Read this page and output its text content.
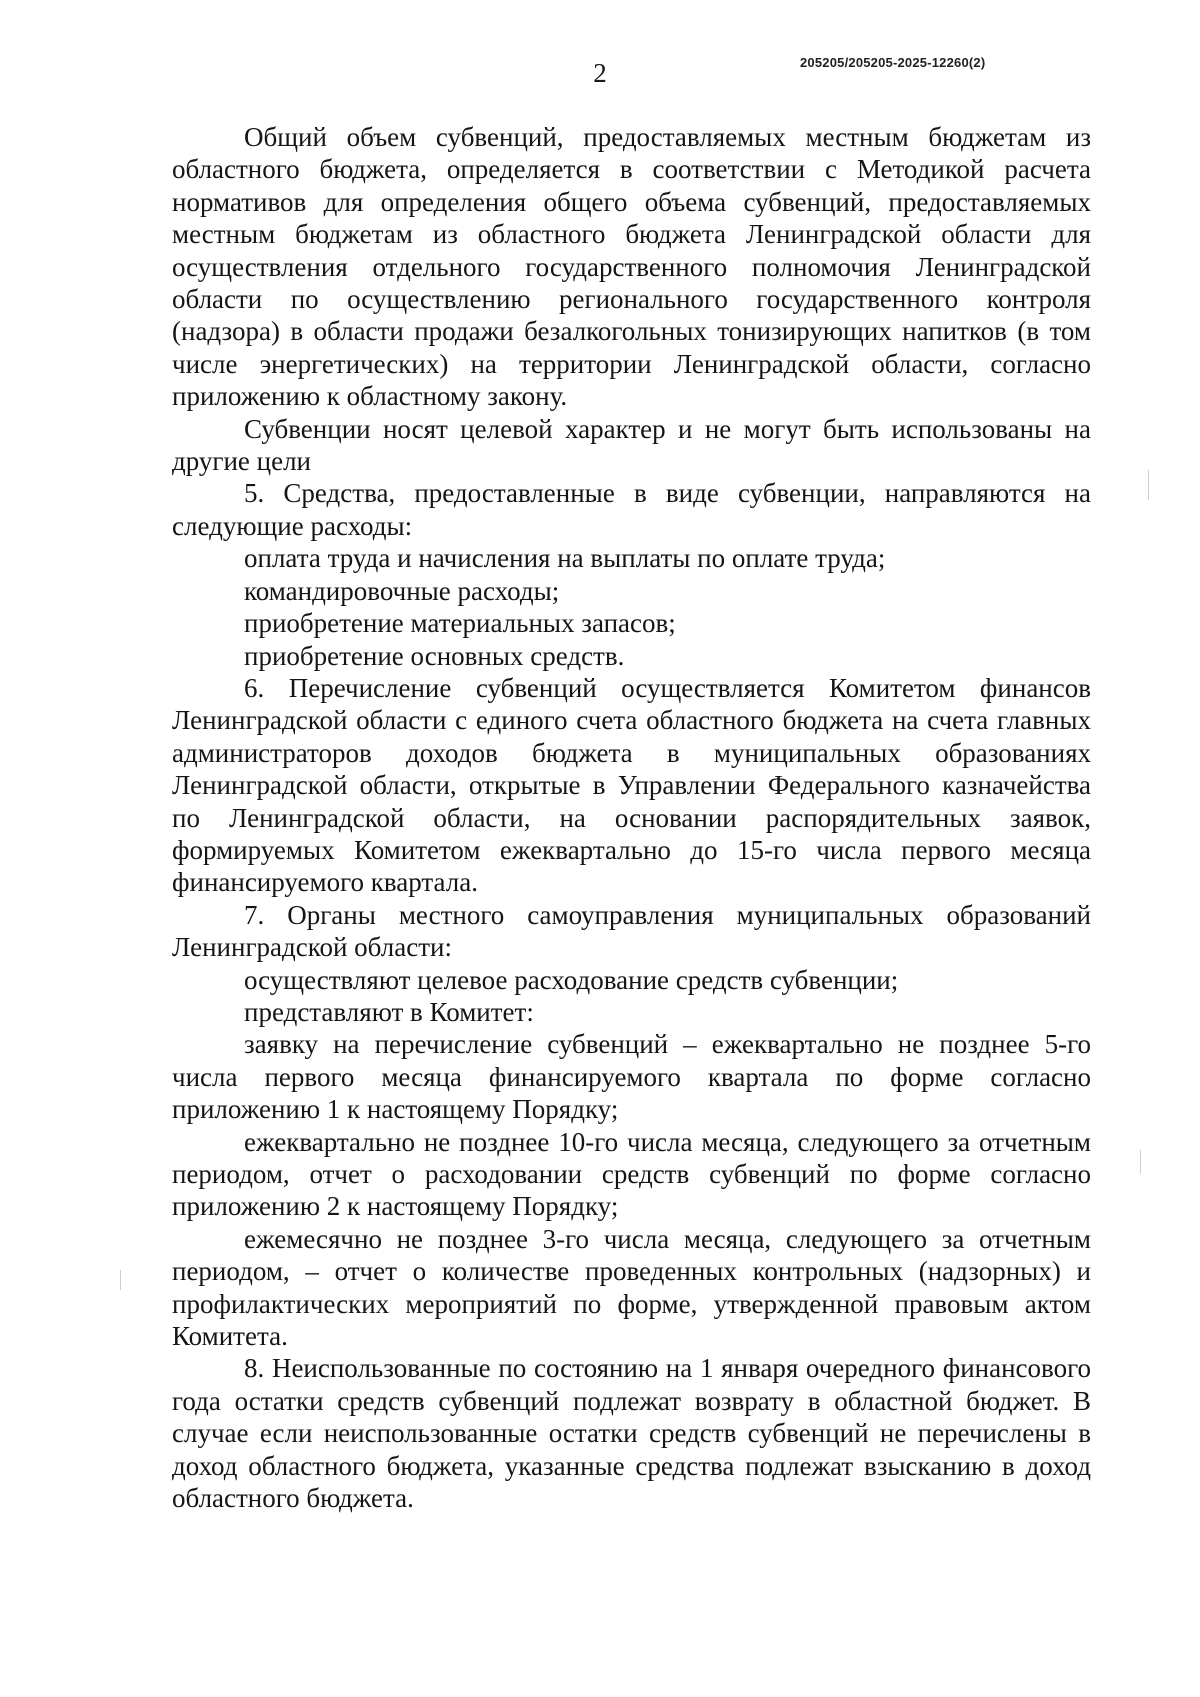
2	205205/205205-2025-12260(2)

Общий объем субвенций, предоставляемых местным бюджетам из областного бюджета, определяется в соответствии с Методикой расчета нормативов для определения общего объема субвенций, предоставляемых местным бюджетам из областного бюджета Ленинградской области для осуществления отдельного государственного полномочия Ленинградской области по осуществлению регионального государственного контроля (надзора) в области продажи безалкогольных тонизирующих напитков (в том числе энергетических) на территории Ленинградской области, согласно приложению к областному закону.

Субвенции носят целевой характер и не могут быть использованы на другие цели

5. Средства, предоставленные в виде субвенции, направляются на следующие расходы:

оплата труда и начисления на выплаты по оплате труда;

командировочные расходы;

приобретение материальных запасов;

приобретение основных средств.

6. Перечисление субвенций осуществляется Комитетом финансов Ленинградской области с единого счета областного бюджета на счета главных администраторов доходов бюджета в муниципальных образованиях Ленинградской области, открытые в Управлении Федерального казначейства по Ленинградской области, на основании распорядительных заявок, формируемых Комитетом ежеквартально до 15-го числа первого месяца финансируемого квартала.

7. Органы местного самоуправления муниципальных образований Ленинградской области:

осуществляют целевое расходование средств субвенции;

представляют в Комитет:

заявку на перечисление субвенций – ежеквартально не позднее 5-го числа первого месяца финансируемого квартала по форме согласно приложению 1 к настоящему Порядку;

ежеквартально не позднее 10-го числа месяца, следующего за отчетным периодом, отчет о расходовании средств субвенций по форме согласно приложению 2 к настоящему Порядку;

ежемесячно не позднее 3-го числа месяца, следующего за отчетным периодом, – отчет о количестве проведенных контрольных (надзорных) и профилактических мероприятий по форме, утвержденной правовым актом Комитета.

8. Неиспользованные по состоянию на 1 января очередного финансового года остатки средств субвенций подлежат возврату в областной бюджет. В случае если неиспользованные остатки средств субвенций не перечислены в доход областного бюджета, указанные средства подлежат взысканию в доход областного бюджета.
